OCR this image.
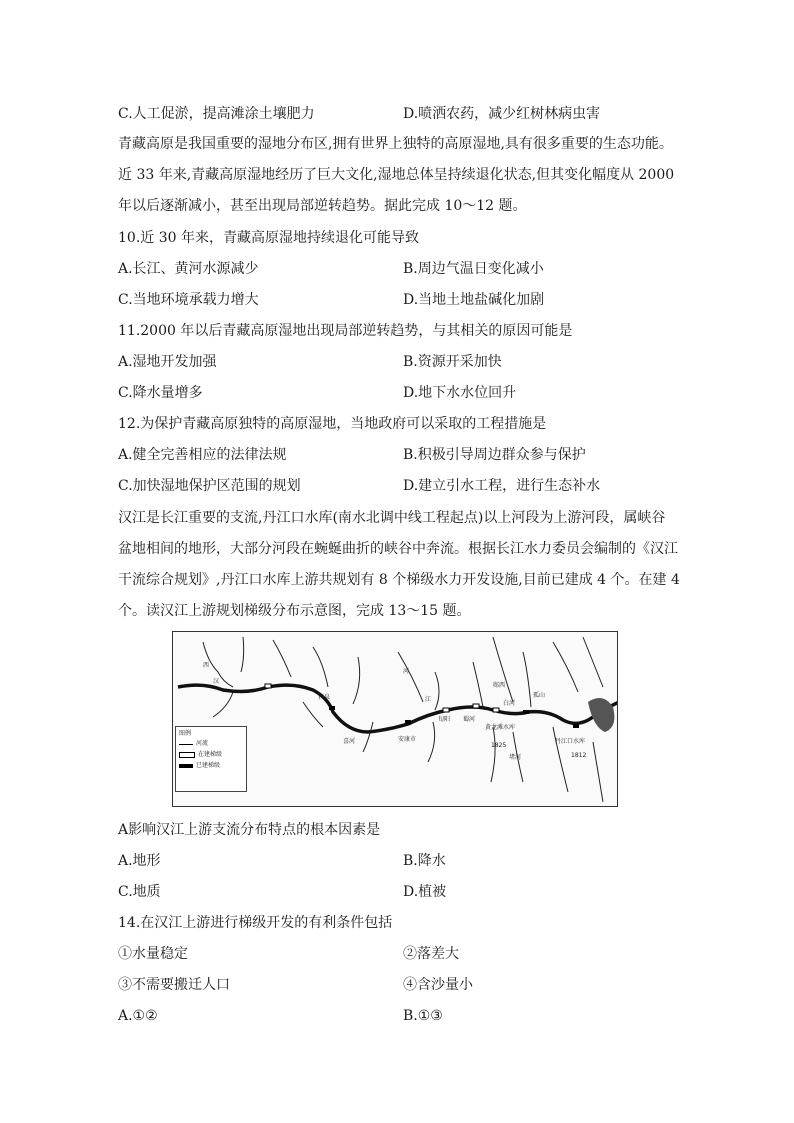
C.人工促淤，提高滩涂土壤肥力	D.喷洒农药，减少红树林病虫害
青藏高原是我国重要的湿地分布区,拥有世界上独特的高原湿地,具有很多重要的生态功能。
近 33 年来,青藏高原湿地经历了巨大文化,湿地总体呈持续退化状态,但其变化幅度从 2000
年以后逐渐减小，甚至出现局部逆转趋势。据此完成 10～12 题。
10.近 30 年来，青藏高原湿地持续退化可能导致
A.长江、黄河水源减少	B.周边气温日变化减小
C.当地环境承载力增大	D.当地土地盐碱化加剧
11.2000 年以后青藏高原湿地出现局部逆转趋势，与其相关的原因可能是
A.湿地开发加强	B.资源开采加快
C.降水量增多	D.地下水水位回升
12.为保护青藏高原独特的高原湿地，当地政府可以采取的工程措施是
A.健全完善相应的法律法规	B.积极引导周边群众参与保护
C.加快湿地保护区范围的规划	D.建立引水工程，进行生态补水
汉江是长江重要的支流,丹江口水库(南水北调中线工程起点)以上河段为上游河段，属峡谷
盆地相间的地形，大部分河段在蜿蜒曲折的峡谷中奔流。根据长江水力委员会编制的《汉江
干流综合规划》,丹江口水库上游共规划有 8 个梯级水力开发设施,目前已建成 4 个。在建 4
个。读汉江上游规划梯级分布示意图，完成 13～15 题。
西
汉
喜河
石泉
安康市
旬阳 蜀河
白河
郧西
丹江口水库
孤山
黄龙滩水库
1825
1812
堵河
河
江
图例
河流
在建梯级
已建梯级
A影响汉江上游支流分布特点的根本因素是
A.地形	B.降水
C.地质	D.植被
14.在汉江上游进行梯级开发的有利条件包括
①水量稳定	②落差大
③不需要搬迁人口	④含沙量小
A.①②	B.①③
